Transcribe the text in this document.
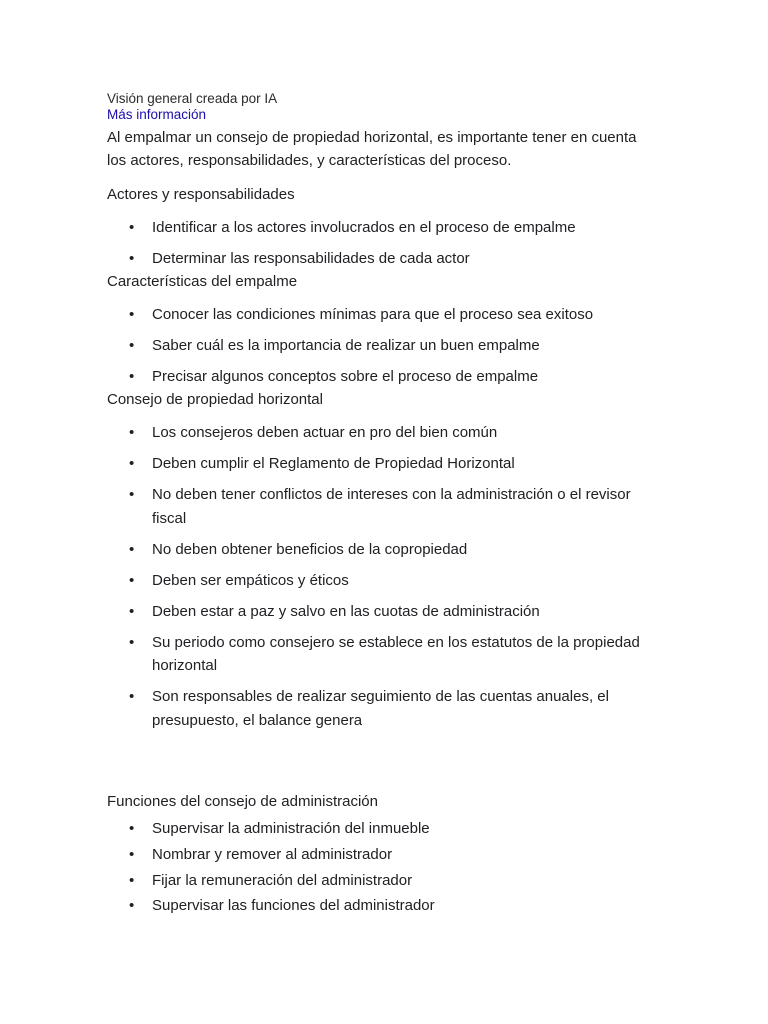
Visión general creada por IA
Más información
Al empalmar un consejo de propiedad horizontal, es importante tener en cuenta los actores, responsabilidades, y características del proceso.
Actores y responsabilidades
• Identificar a los actores involucrados en el proceso de empalme
• Determinar las responsabilidades de cada actor
Características del empalme
• Conocer las condiciones mínimas para que el proceso sea exitoso
• Saber cuál es la importancia de realizar un buen empalme
• Precisar algunos conceptos sobre el proceso de empalme
Consejo de propiedad horizontal
• Los consejeros deben actuar en pro del bien común
• Deben cumplir el Reglamento de Propiedad Horizontal
• No deben tener conflictos de intereses con la administración o el revisor fiscal
• No deben obtener beneficios de la copropiedad
• Deben ser empáticos y éticos
• Deben estar a paz y salvo en las cuotas de administración
• Su periodo como consejero se establece en los estatutos de la propiedad horizontal
• Son responsables de realizar seguimiento de las cuentas anuales, el presupuesto, el balance genera
Funciones del consejo de administración
• Supervisar la administración del inmueble
• Nombrar y remover al administrador
• Fijar la remuneración del administrador
• Supervisar las funciones del administrador
